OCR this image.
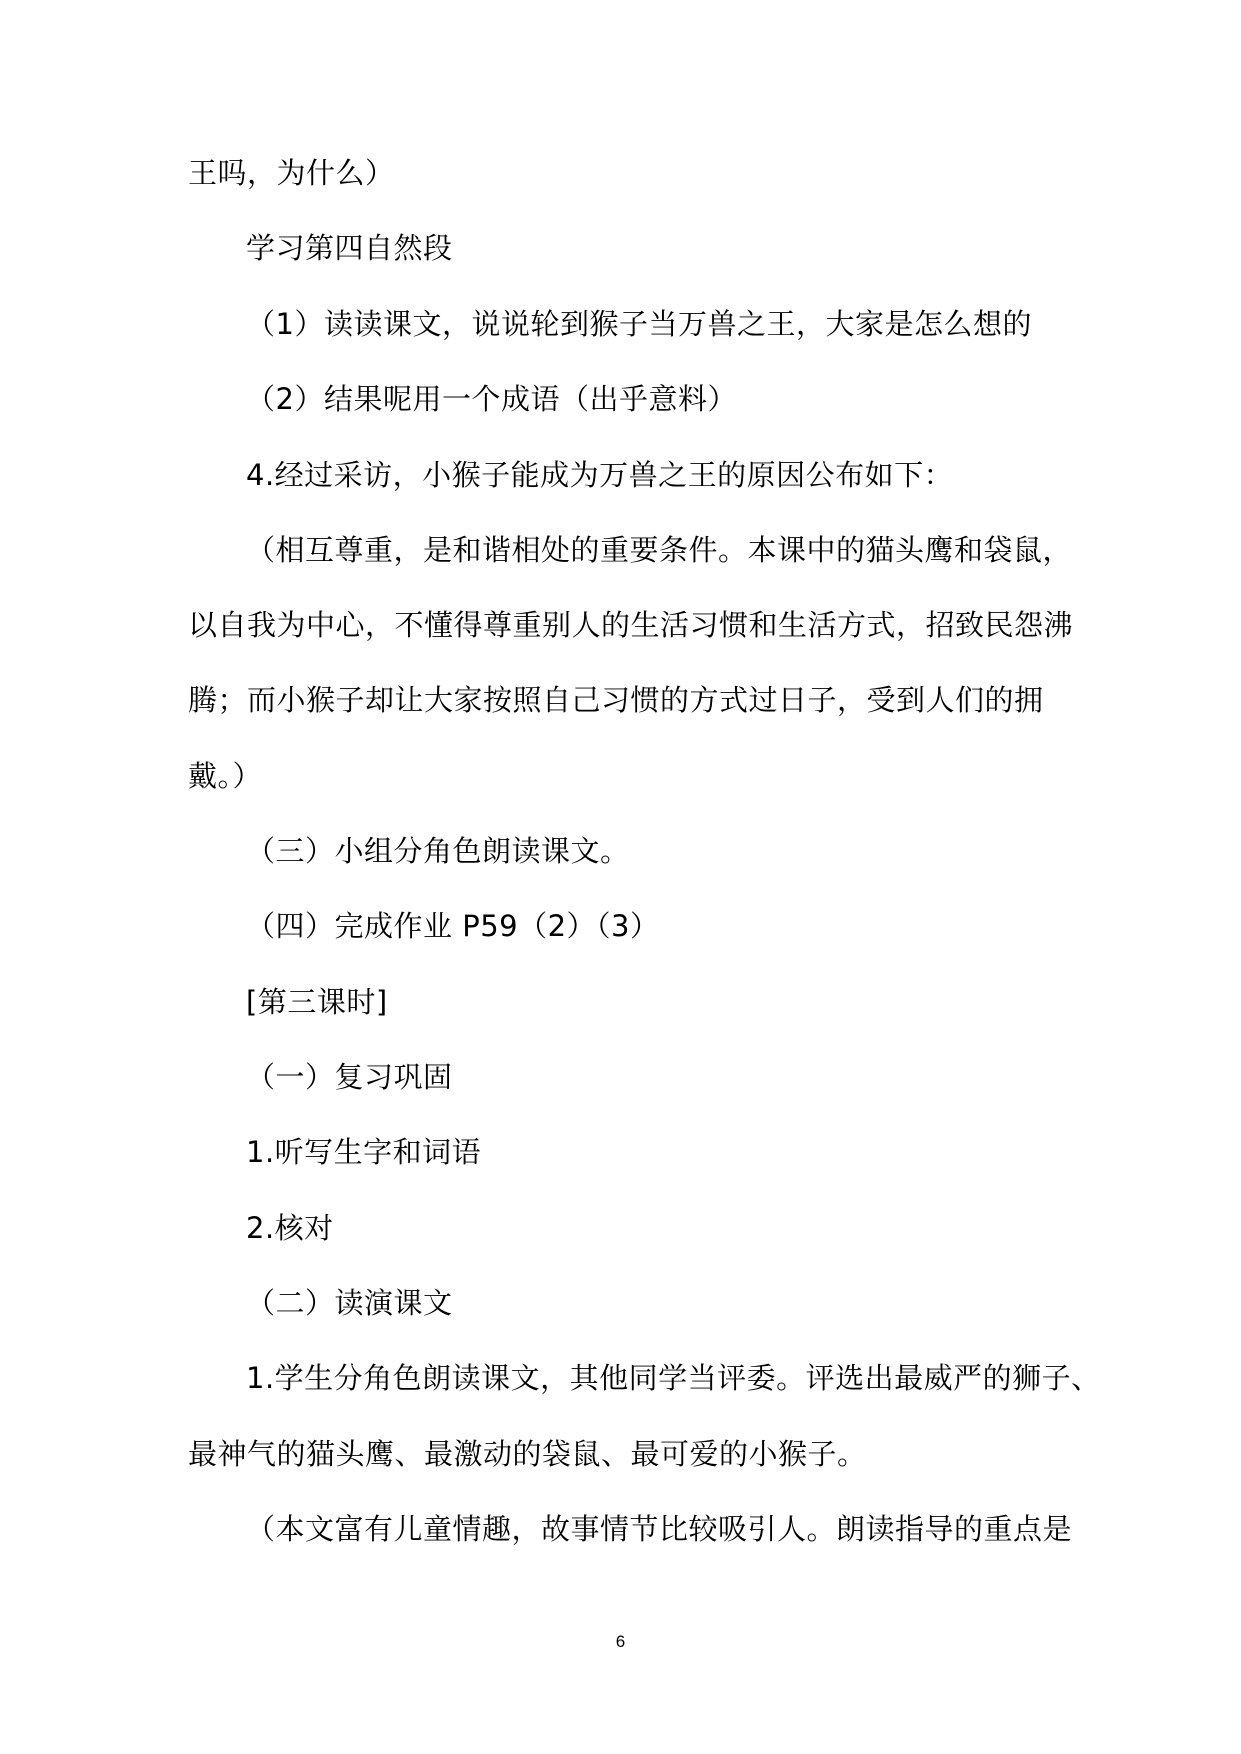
王吗，为什么）
学习第四自然段
（1）读读课文，说说轮到猴子当万兽之王，大家是怎么想的
（2）结果呢用一个成语（出乎意料）
4.经过采访，小猴子能成为万兽之王的原因公布如下：
（相互尊重，是和谐相处的重要条件。本课中的猫头鹰和袋鼠，
以自我为中心，不懂得尊重别人的生活习惯和生活方式，招致民怨沸
腾；而小猴子却让大家按照自己习惯的方式过日子，受到人们的拥
戴。）
（三）小组分角色朗读课文。
（四）完成作业 P59（2）（3）
[第三课时]
（一）复习巩固
1.听写生字和词语
2.核对
（二）读演课文
1.学生分角色朗读课文，其他同学当评委。评选出最威严的狮子、
最神气的猫头鹰、最激动的袋鼠、最可爱的小猴子。
（本文富有儿童情趣，故事情节比较吸引人。朗读指导的重点是
6
